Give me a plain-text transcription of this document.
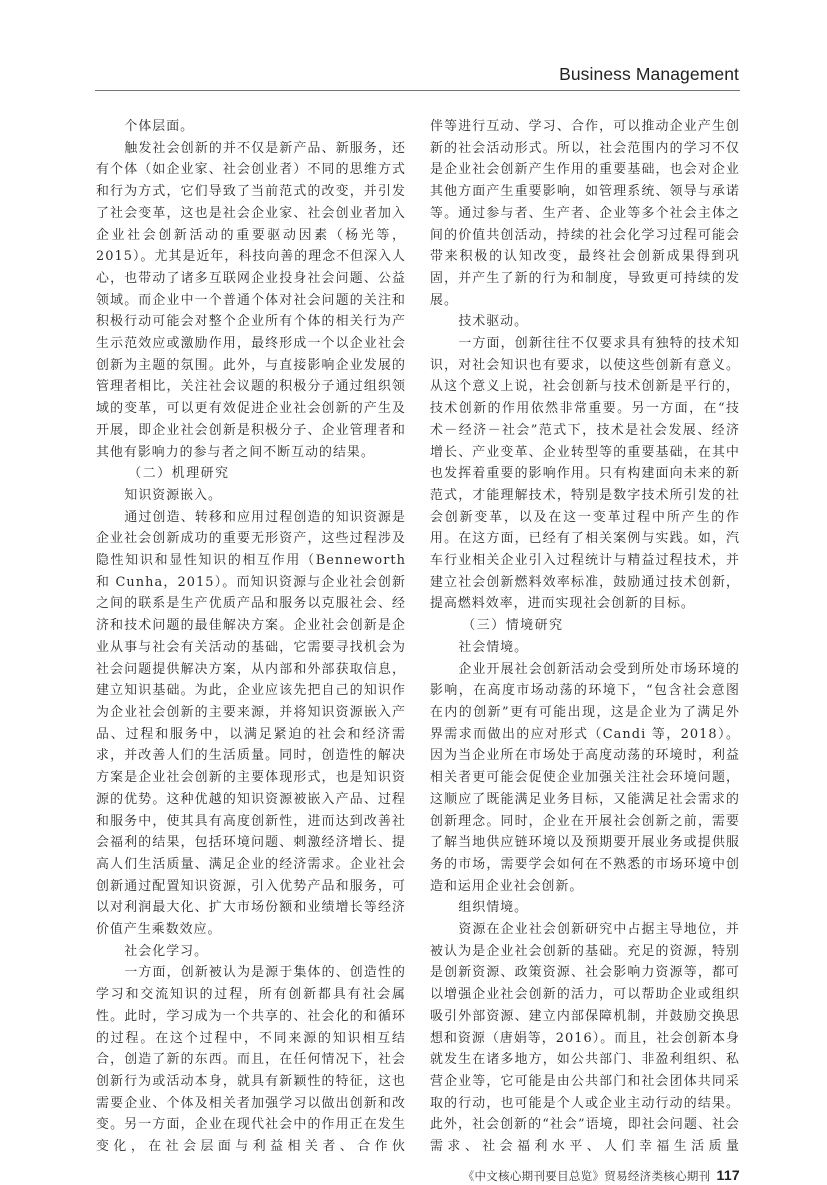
Business Management

个体层面。

触发社会创新的并不仅是新产品、新服务，还有个体（如企业家、社会创业者）不同的思维方式和行为方式，它们导致了当前范式的改变，并引发了社会变革，这也是社会企业家、社会创业者加入企业社会创新活动的重要驱动因素（杨光等，2015）。尤其是近年，科技向善的理念不但深入人心，也带动了诸多互联网企业投身社会问题、公益领域。而企业中一个普通个体对社会问题的关注和积极行动可能会对整个企业所有个体的相关行为产生示范效应或激励作用，最终形成一个以企业社会创新为主题的氛围。此外，与直接影响企业发展的管理者相比，关注社会议题的积极分子通过组织领域的变革，可以更有效促进企业社会创新的产生及开展，即企业社会创新是积极分子、企业管理者和其他有影响力的参与者之间不断互动的结果。

（二）机理研究

知识资源嵌入。

通过创造、转移和应用过程创造的知识资源是企业社会创新成功的重要无形资产，这些过程涉及隐性知识和显性知识的相互作用（Benneworth 和 Cunha，2015）。而知识资源与企业社会创新之间的联系是生产优质产品和服务以克服社会、经济和技术问题的最佳解决方案。企业社会创新是企业从事与社会有关活动的基础，它需要寻找机会为社会问题提供解决方案，从内部和外部获取信息，建立知识基础。为此，企业应该先把自己的知识作为企业社会创新的主要来源，并将知识资源嵌入产品、过程和服务中，以满足紧迫的社会和经济需求，并改善人们的生活质量。同时，创造性的解决方案是企业社会创新的主要体现形式，也是知识资源的优势。这种优越的知识资源被嵌入产品、过程和服务中，使其具有高度创新性，进而达到改善社会福利的结果，包括环境问题、刺激经济增长、提高人们生活质量、满足企业的经济需求。企业社会创新通过配置知识资源，引入优势产品和服务，可以对利润最大化、扩大市场份额和业绩增长等经济价值产生乘数效应。

社会化学习。

一方面，创新被认为是源于集体的、创造性的学习和交流知识的过程，所有创新都具有社会属性。此时，学习成为一个共享的、社会化的和循环的过程。在这个过程中，不同来源的知识相互结合，创造了新的东西。而且，在任何情况下，社会创新行为或活动本身，就具有新颖性的特征，这也需要企业、个体及相关者加强学习以做出创新和改变。另一方面，企业在现代社会中的作用正在发生变化，在社会层面与利益相关者、合作伙

伴等进行互动、学习、合作，可以推动企业产生创新的社会活动形式。所以，社会范围内的学习不仅是企业社会创新产生作用的重要基础，也会对企业其他方面产生重要影响，如管理系统、领导与承诺等。通过参与者、生产者、企业等多个社会主体之间的价值共创活动，持续的社会化学习过程可能会带来积极的认知改变，最终社会创新成果得到巩固，并产生了新的行为和制度，导致更可持续的发展。

技术驱动。

一方面，创新往往不仅要求具有独特的技术知识，对社会知识也有要求，以使这些创新有意义。从这个意义上说，社会创新与技术创新是平行的，技术创新的作用依然非常重要。另一方面，在“技术－经济－社会”范式下，技术是社会发展、经济增长、产业变革、企业转型等的重要基础，在其中也发挥着重要的影响作用。只有构建面向未来的新范式，才能理解技术，特别是数字技术所引发的社会创新变革，以及在这一变革过程中所产生的作用。在这方面，已经有了相关案例与实践。如，汽车行业相关企业引入过程统计与精益过程技术，并建立社会创新燃料效率标准，鼓励通过技术创新，提高燃料效率，进而实现社会创新的目标。

（三）情境研究

社会情境。

企业开展社会创新活动会受到所处市场环境的影响，在高度市场动荡的环境下，“包含社会意图在内的创新”更有可能出现，这是企业为了满足外界需求而做出的应对形式（Candi 等，2018）。因为当企业所在市场处于高度动荡的环境时，利益相关者更可能会促使企业加强关注社会环境问题，这顺应了既能满足业务目标，又能满足社会需求的创新理念。同时，企业在开展社会创新之前，需要了解当地供应链环境以及预期要开展业务或提供服务的市场，需要学会如何在不熟悉的市场环境中创造和运用企业社会创新。

组织情境。

资源在企业社会创新研究中占据主导地位，并被认为是企业社会创新的基础。充足的资源，特别是创新资源、政策资源、社会影响力资源等，都可以增强企业社会创新的活力，可以帮助企业或组织吸引外部资源、建立内部保障机制，并鼓励交换思想和资源（唐娟等，2016）。而且，社会创新本身就发生在诸多地方，如公共部门、非盈利组织、私营企业等，它可能是由公共部门和社会团体共同采取的行动，也可能是个人或企业主动行动的结果。此外，社会创新的“社会”语境，即社会问题、社会需求、社会福利水平、人们幸福生活质量

《中文核心期刊要目总览》贸易经济类核心期刊 117
